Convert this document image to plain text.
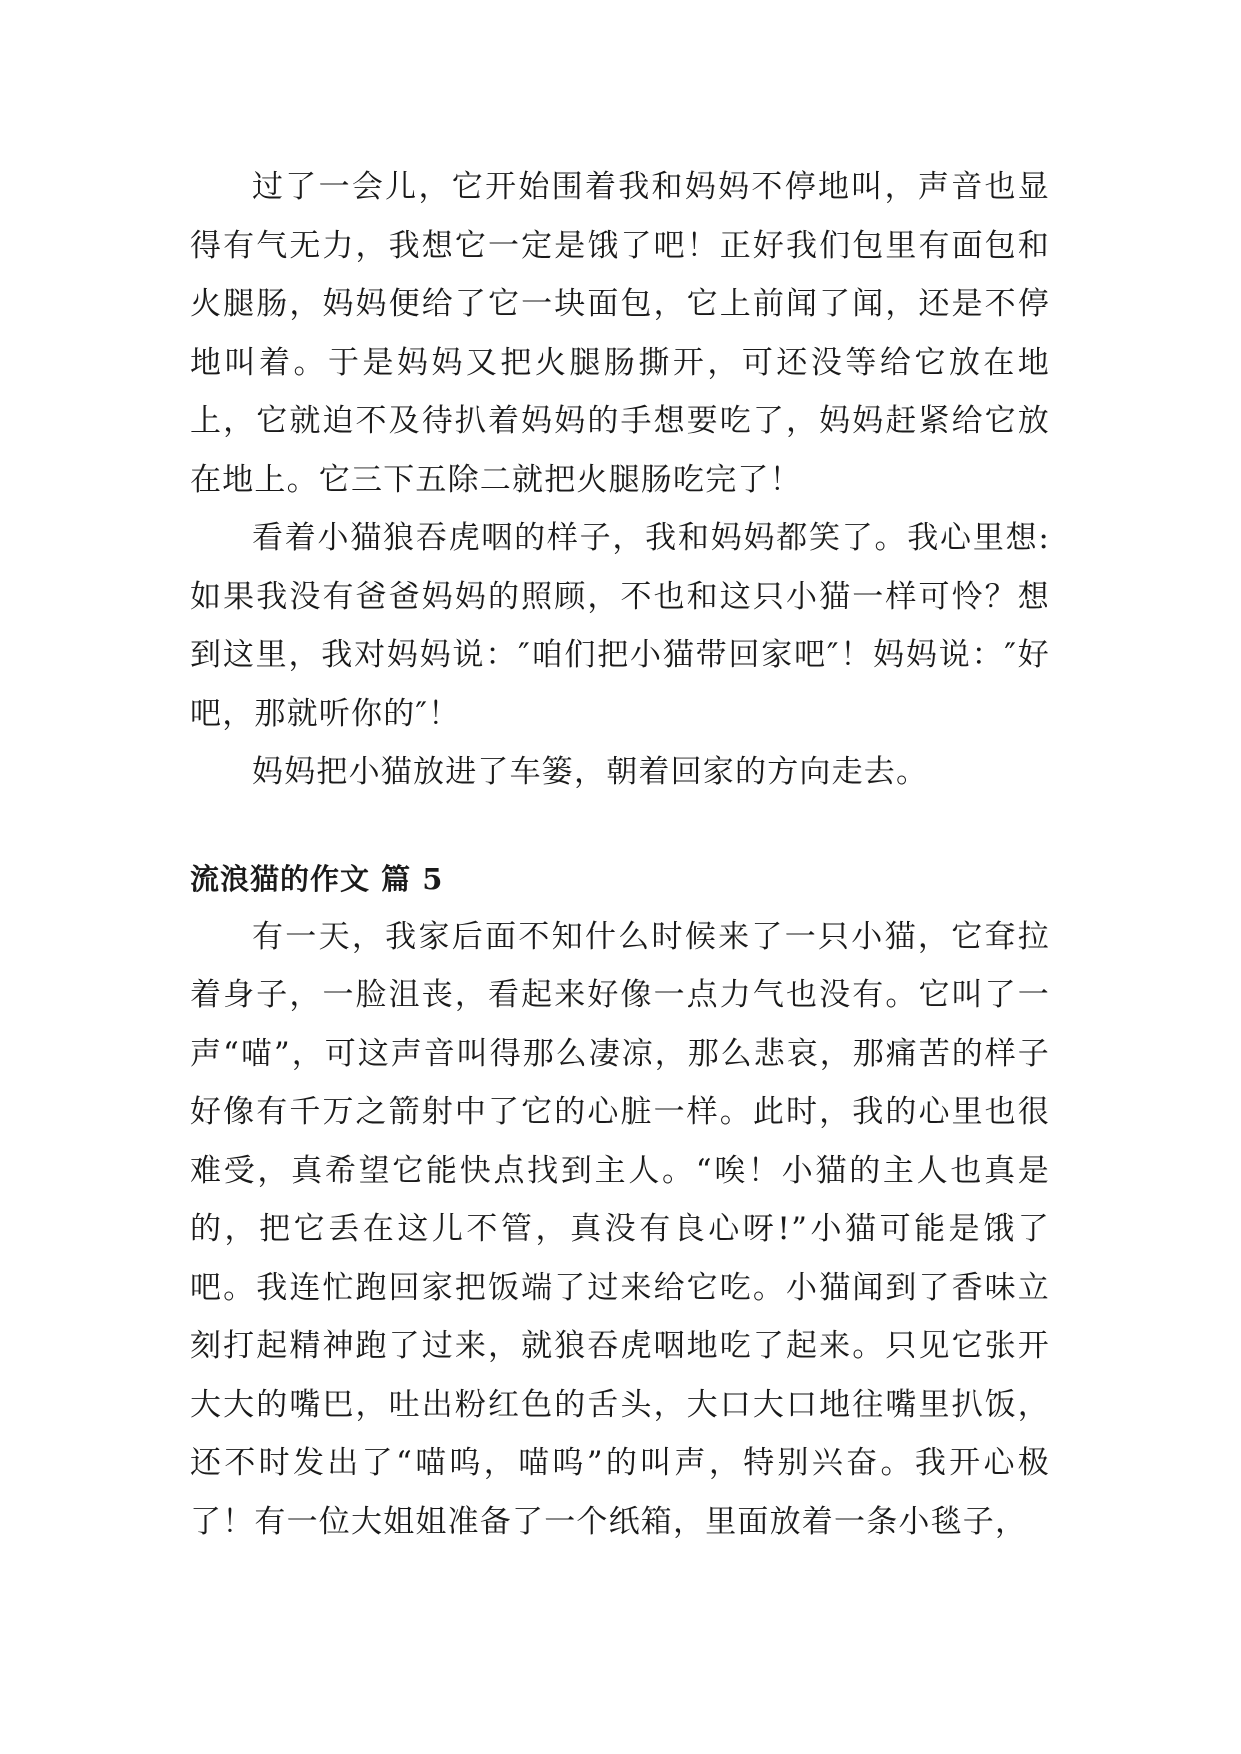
过了一会儿，它开始围着我和妈妈不停地叫，声音也显得有气无力，我想它一定是饿了吧！正好我们包里有面包和火腿肠，妈妈便给了它一块面包，它上前闻了闻，还是不停地叫着。于是妈妈又把火腿肠撕开，可还没等给它放在地上，它就迫不及待扒着妈妈的手想要吃了，妈妈赶紧给它放在地上。它三下五除二就把火腿肠吃完了！

看着小猫狼吞虎咽的样子，我和妈妈都笑了。我心里想:如果我没有爸爸妈妈的照顾，不也和这只小猫一样可怜？想到这里，我对妈妈说：″咱们把小猫带回家吧″！妈妈说：″好吧，那就听你的″！

妈妈把小猫放进了车篓，朝着回家的方向走去。

流浪猫的作文 篇 5

有一天，我家后面不知什么时候来了一只小猫，它耷拉着身子，一脸沮丧，看起来好像一点力气也没有。它叫了一声“喵”，可这声音叫得那么凄凉，那么悲哀，那痛苦的样子好像有千万之箭射中了它的心脏一样。此时，我的心里也很难受，真希望它能快点找到主人。“唉！小猫的主人也真是的，把它丢在这儿不管，真没有良心呀!”小猫可能是饿了吧。我连忙跑回家把饭端了过来给它吃。小猫闻到了香味立刻打起精神跑了过来，就狼吞虎咽地吃了起来。只见它张开大大的嘴巴，吐出粉红色的舌头，大口大口地往嘴里扒饭，还不时发出了“喵呜，喵呜”的叫声，特别兴奋。我开心极了！有一位大姐姐准备了一个纸箱，里面放着一条小毯子，
